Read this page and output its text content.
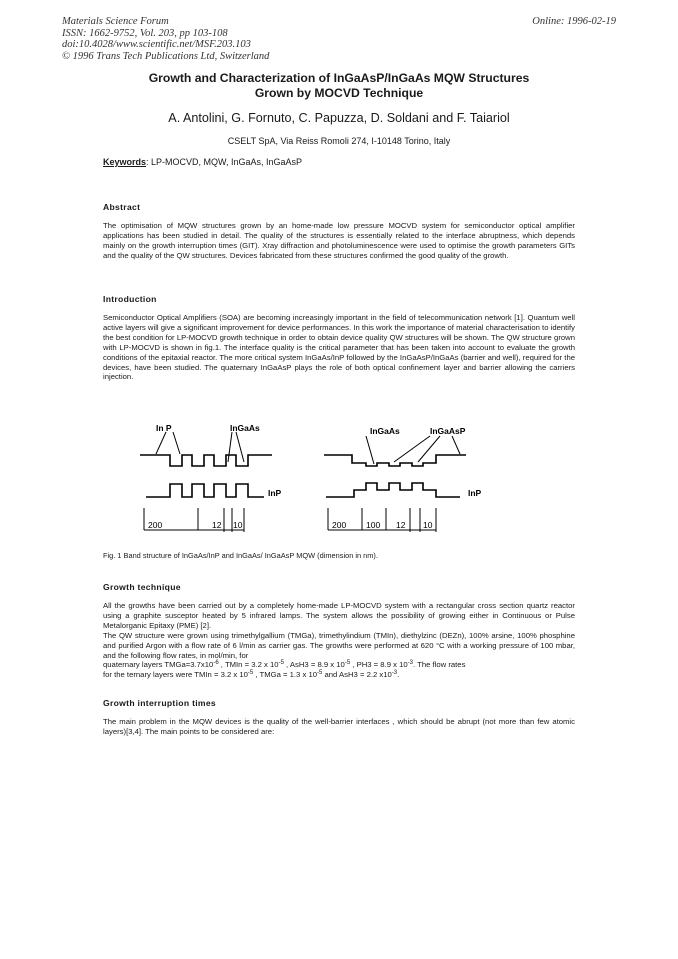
Materials Science Forum
ISSN: 1662-9752, Vol. 203, pp 103-108
doi:10.4028/www.scientific.net/MSF.203.103
© 1996 Trans Tech Publications Ltd, Switzerland
Online: 1996-02-19
Growth and Characterization of InGaAsP/InGaAs MQW Structures
Grown by MOCVD Technique
A. Antolini, G. Fornuto, C. Papuzza, D. Soldani and F. Taiariol
CSELT SpA, Via Reiss Romoli 274, I-10148 Torino, Italy
Keywords: LP-MOCVD, MQW, InGaAs, InGaAsP
Abstract
The optimisation of MQW structures grown by an home-made low pressure MOCVD system for semiconductor optical amplifier applications has been studied in detail. The quality of the structures is essentially related to the interface abruptness, which depends mainly on the growth interruption times (GIT). Xray diffraction and photoluminescence were used to optimise the growth parameters GITs and the quality of the QW structures. Devices fabricated from these structures confirmed the good quality of the growth.
Introduction
Semiconductor Optical Amplifiers (SOA) are becoming increasingly important in the field of telecommunication network [1]. Quantum well active layers will give a significant improvement for device performances. In this work the importance of material characterisation to identify the best condition for LP-MOCVD growth technique in order to obtain device quality QW structures will be shown. The QW structure grown with LP-MOCVD is shown in fig.1. The interface quality is the critical parameter that has been taken into account to evaluate the growth conditions of the epitaxial reactor. The more critical system InGaAs/InP followed by the InGaAsP/InGaAs (barrier and well), required for the devices, have been studied. The quaternary InGaAsP plays the role of both optical confinement layer and barrier allowing the carriers injection.
In P	InGaAs
InP
200	12 10
InGaAs	InGaAsP
InP
200 100 12 10
Fig. 1 Band structure of InGaAs/InP and InGaAs/ InGaAsP MQW (dimension in nm).
Growth technique
All the growths have been carried out by a completely home-made LP-MOCVD system with a rectangular cross section quartz reactor using a graphite susceptor heated by 5 infrared lamps. The system allows the possibility of growing either in Continuous or Pulse Metalorganic Epitaxy (PME) [2].
The QW structure were grown using trimethylgallium (TMGa), trimethylindium (TMIn), diethylzinc (DEZn), 100% arsine, 100% phosphine and purified Argon with a flow rate of 6 l/min as carrier gas. The growths were performed at 620 °C with a working pressure of 100 mbar, and the following flow rates, in mol/min, for
quaternary layers $TMGa=3.7x10^{-6}$ , TMIn = 3.2 x $10^{-5}$ , AsH3 = 8.9 x $10^{-5}$ , PH3 = 8.9 x $10^{-3}$. The flow rates
for the ternary layers were TMIn = 3.2 x $10^{-5}$ , TMGa = 1.3 x $10^{-5}$ and AsH3 = 2.2 $x10^{-3}$.
Growth interruption times
The main problem in the MQW devices is the quality of the well-barrier interfaces , which should be abrupt (not more than few atomic layers)[3,4]. The main points to be considered are:
